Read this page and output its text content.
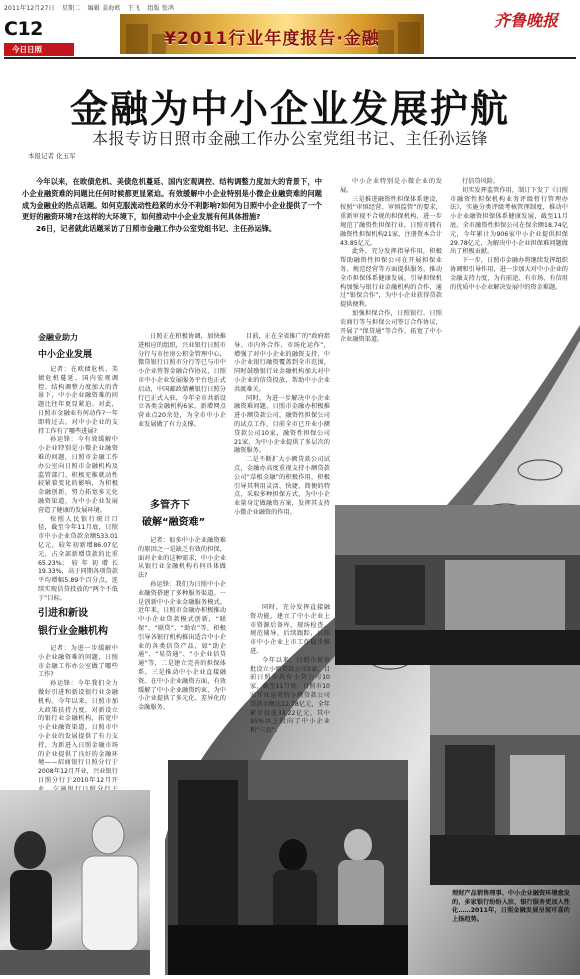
2011年12月27日 星期二 编辑 姜海欧 王飞 组版 张鸿
C12
今日日照
¥2011行业年度报告·金融
齐鲁晚报
金融为中小企业发展护航
本报专访日照市金融工作办公室党组书记、主任孙运锋
本报记者 化玉军

今年以来，在欧债危机、美债危机蔓延、国内宏观调控、结构调整力度加大的背景下，中小企业融资难的问题比任何时候都更显紧迫。有效缓解中小企业特别是小微企业融资难的问题成为金融业的热点话题。如何克服流动性趋紧的水分不利影响?如何为日照中小企业提供了一个更好的融资环境?在这样的大环境下，如何推动中小企业发展有何具体措施?

26日，记者就此话题采访了日照市金融工作办公室党组书记、主任孙运锋。

金融业助力
中小企业发展

记者：在欧债危机、美债危机蔓延、国内宏观调控、结构调整力度加大的背景下，中小企业融资难的问题比往年更显紧迫。对此，日照市金融业有何动作?一年即将过去，对中小企业的支持工作有了哪些进展?

孙运锋：今有效缓解中小企业特别是小微企业融资难的问题，日照市金融工作办公室向日照市金融机构及监管部门、积极充推就动性较紧着变化的影响，为积极金融创新，努力拓宽多元化融资渠道，为中小企业发展营造了健康的发展环境。

按照人民银行统计口径，截至今年11月底，日照市中小企业贷款余额533.01亿元，较年初新增86.07亿元，占全部新增贷款的比重65.23%；较年初增长19.33%，高于同期各项贷款平均增幅5.89个百分点，连续实现信贷投放的“两个不低于”目标。

引进和新设
银行业金融机构

记者：为进一步缓解中小企业融资难的问题，日照市金融工作办公室做了哪些工作?

孙运锋：今年我们全力做好引进和新设银行业金融机构。今年以来，日照市加大政策扶持力度，对新设立的银行业金融机构，拓宽中小企业融资渠道，日照市中小企业的发展提供了有力支持，为新进入日照金融市场的企业提供了良好的金融环境——招商银行日照分行于2008年12月开业，兴业银行日照分行于2010年12月开

日照正在积极协调，加快推进相应的组织，兴业银行日照市分行与市住房公积金管理中心，微贷银行日照市分行等已与市中小企业签署金融合作协议，日照市中小企业发展服务平台也正式启动，中国邮政储蓄银行日照分行已正式入驻，今年全市共新设立各类金融机构6家，新增网点营业点20余处，为全市中小企业发展做了有力支撑。

多管齐下
破解“融资难”

记者：很多中小企业融资难的原因之一是缺乏有效的担保，面对企业的这种需求，中小企业从银行业金融机构有何具体做法?

孙运锋：我们为日照中小企业融资搭建了多种服务渠道。一是创新中小企业金融服务模式。近年来，日照市金融办积极推动中小企业贷款模式创新，“联保”、“联贷”、“助农”等，积极引导各银行机构推出适合中小企业的各类信贷产品，如“助企通”、“易贷通”、“小企业信贷通”等，二是建立完善的担保体系，三是推动中小企业直接融资。在中小企业融资方面，有效缓解了中小企业融资约束，为中小企业提供了多元化、差异化的金融服务。

目前，正在全省推广的“政府指导、市内外合作、市场化运作”，增强了对中小企业的融资支持，中小企业银行融资覆盖到全市范围，同时鼓励银行业金融机构加大对中小企业的信贷投放，帮助中小企业共渡难关。

同时，为进一步解决中小企业融资难问题，日照市金融办积极推进小额贷款公司、融资性担保公司的试点工作，目前全市已开业小额贷款公司10家，融资性担保公司21家，为中小企业提供了多层次的融资服务。

二是不断扩大小额贷款公司试点，金融办高度重视支持小额贷款公司“草根金融”的积极作用，积极引导其利用灵活、快捷、简便的特点，采取多种担保方式，为中小企业量身定做融资方案，发挥其支持小微企业融资的作用。

同时，充分发挥直接融资功能，建立了中小企业上市资源后备库，现场检查、规范辅导、后续跟踪，日照市中小企业上市工作稳步推进。

今年以来，日照市新审批设立小额贷款公司5家，目前日照市共有小贷公司10家，截至11月底，日照市10家开业运营的小额贷款公司贷款余额达12.78亿元，全年累计投放33.22亿元，其中95%以上投向了中小企业和“三农”。

中小企业特别是小微企业的发展。

三是推进融资性担保体系建设，按照“审慎经营、审慎监管”的要求，重新审视不合规的担保机构，进一步规范了融资性担保行业。日照市拥有融资性担保机构21家，注册资本合计43.85亿元。

此外，充分发挥指导作用，积极帮助融资性担保公司在开展担保业务、规范经营等方面提供服务，推动全市担保体系健康发展。引导担保机构加强与银行业金融机构的合作，通过“银保合作”，为中小企业获得贷款提供便利。

加强担保合作，日照银行、日照农商行等与担保公司签订合作协议，开展了“保贷通”等合作，拓宽了中小企业融资渠道。

行信贷风险。

切实发挥监管作用，制订下发了《日照市融资性担保机构业务评级暂行管理办法》，实施分类评级考核管理制度，推动中小企业融资担保体系健康发展，截至11月底，全市融资性担保公司在保余额18.74亿元，今年累计为906家中小企业提供担保29.78亿元，为解决中小企业担保难问题做出了积极贡献。

下一步，日照市金融办将继续发挥组织协调和引导作用，进一步加大对中小企业的金融支持力度，为有前途、有市场、有信用的优质中小企业解决发展中的资金难题。

理财产品销售理事、中小企业融资环境愈发的，多家银行纷纷入驻，银行服务更加人性化……2011年，日照金融发展呈现可喜的上扬趋势。
